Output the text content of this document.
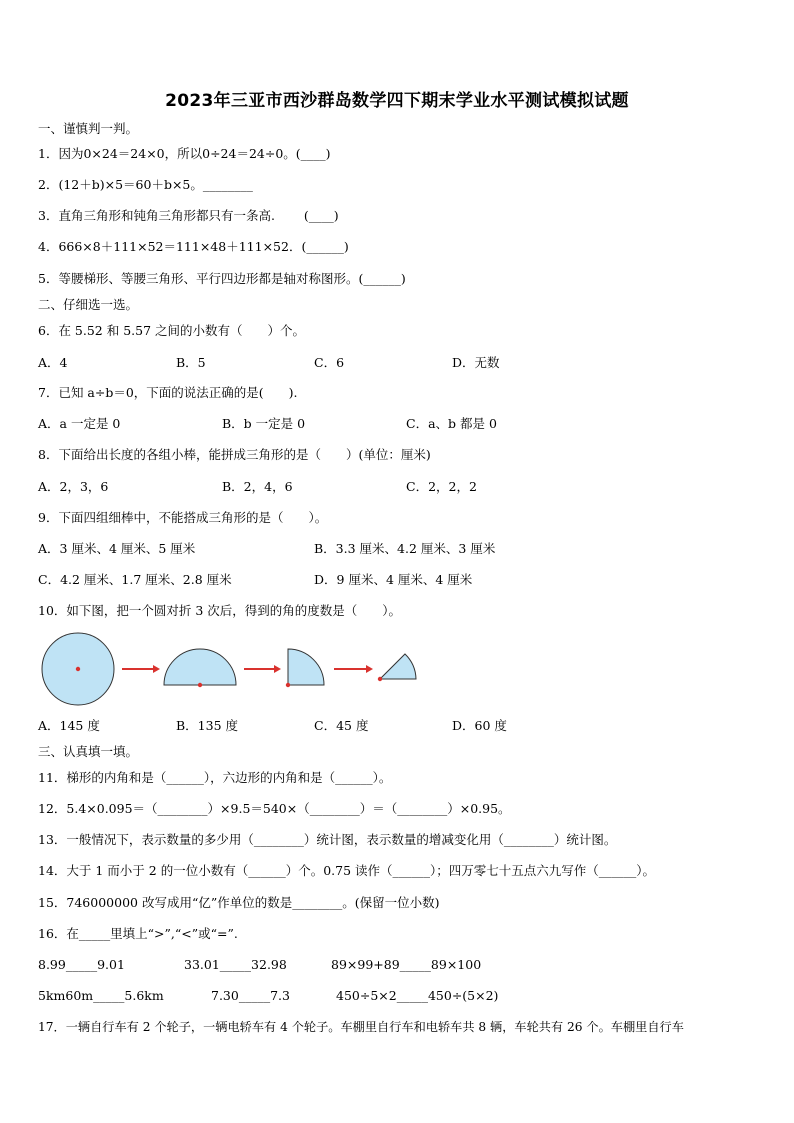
2023年三亚市西沙群岛数学四下期末学业水平测试模拟试题
一、谨慎判一判。
1．因为0×24＝24×0，所以0÷24＝24÷0。(____)
2．(12＋b)×5＝60＋b×5。________
3．直角三角形和钝角三角形都只有一条高.　　 (____)
4．666×8＋111×52＝111×48＋111×52．(______)
5．等腰梯形、等腰三角形、平行四边形都是轴对称图形。(______)
二、仔细选一选。
6．在 5.52 和 5.57 之间的小数有（　　）个。
A．4	B．5	C．6	D．无数
7．已知 a÷b＝0，下面的说法正确的是(　　).
A．a 一定是 0	B．b 一定是 0	C．a、b 都是 0
8．下面给出长度的各组小棒，能拼成三角形的是（　　）(单位：厘米)
A．2，3，6	B．2，4，6	C．2，2，2
9．下面四组细棒中，不能搭成三角形的是（　　）。
A．3 厘米、4 厘米、5 厘米	B．3.3 厘米、4.2 厘米、3 厘米
C．4.2 厘米、1.7 厘米、2.8 厘米	D．9 厘米、4 厘米、4 厘米
10．如下图，把一个圆对折 3 次后，得到的角的度数是（　　）。
A．145 度	B．135 度	C．45 度	D．60 度
三、认真填一填。
11．梯形的内角和是（______），六边形的内角和是（______）。
12．5.4×0.095＝（________）×9.5＝540×（________）＝（________）×0.95。
13．一般情况下，表示数量的多少用（________）统计图，表示数量的增减变化用（________）统计图。
14．大于 1 而小于 2 的一位小数有（______）个。0.75 读作（______）；四万零七十五点六九写作（______）。
15．746000000 改写成用“亿”作单位的数是________。(保留一位小数)
16．在_____里填上“>”,“<”或“=”.
8.99_____9.01	33.01_____32.98	89×99+89_____89×100
5km60m_____5.6km	7.30_____7.3	450÷5×2_____450÷(5×2)
17．一辆自行车有 2 个轮子，一辆电轿车有 4 个轮子。车棚里自行车和电轿车共 8 辆，车轮共有 26 个。车棚里自行车
